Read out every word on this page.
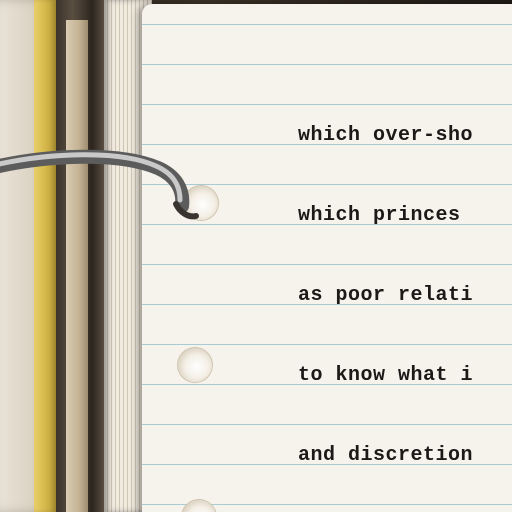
which over-sho
which princes
as poor relati
to know what i
and discretion
